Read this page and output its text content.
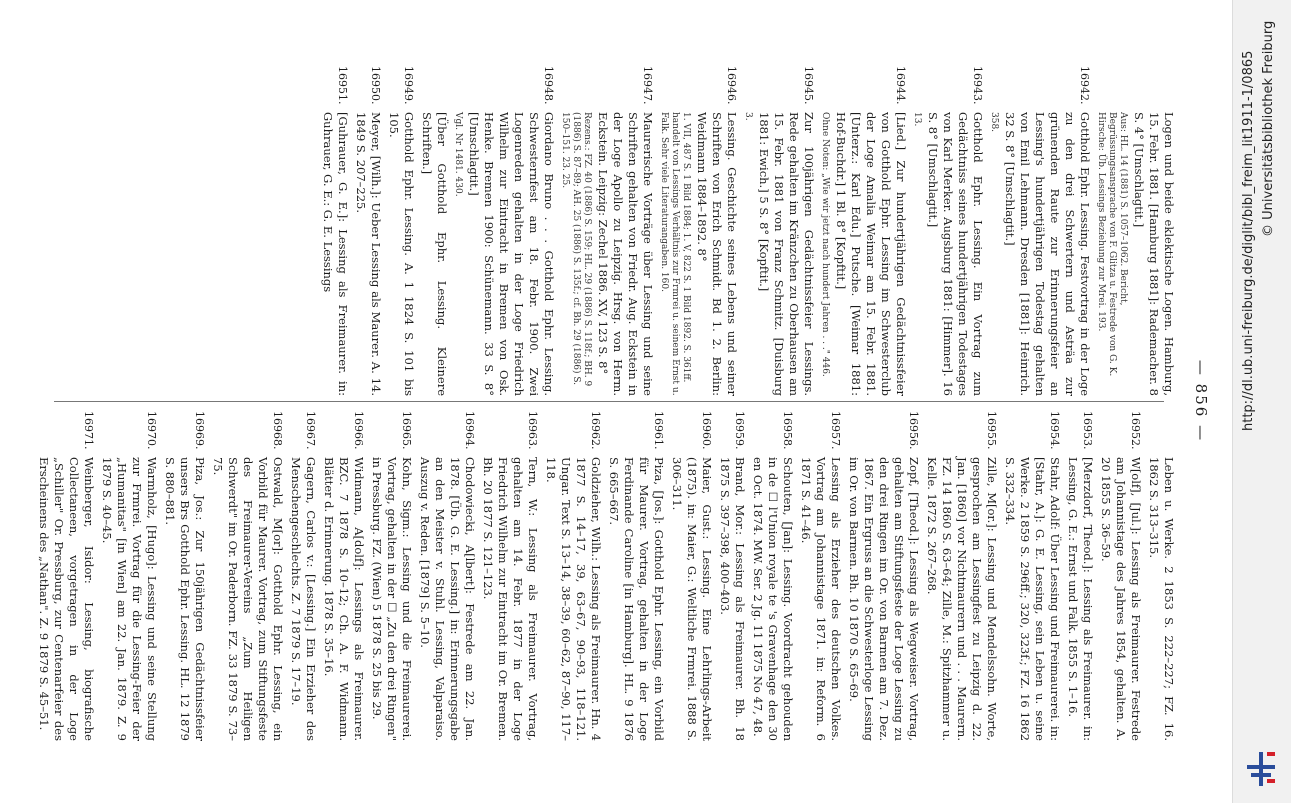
— 856 —
Logen und beide eklektische Logen. Hamburg, 15. Febr. 1881. [Hamburg 1881]: Rademacher. 8 S. 4° [Umschlagtit.]
Aus: HL. 14 (1881) S. 1057–1062. Bericht, Begrüssungsansprache von F. Glitza u. Festrede von G. K. Hirsche: Üb. Lessings Beziehung zur Mrei. 193.
16942.
Gotthold Ephr. Lessing. Festvortrag in der Loge zu den drei Schwertern und Asträa zur grünenden Raute zur Erinnerungsfeier an Lessing's hundertjährigen Todestag gehalten von Emil Lehmann. Dresden [1881]: Heinrich. 32 S. 8° [Umschlagtit.]
358.
16943.
Gotthold Ephr. Lessing. Ein Vortrag zum Gedächtniss seines hundertjährigen Todestages von Karl Merker. Augsburg 1881: [Himmer]. 16 S. 8° [Umschlagtit.]
13.
16944.
[Lied.] Zur hundertjährigen Gedächtnissfeier von Gotthold Ephr. Lessing im Schwesterclub der Loge Amalia Weimar am 15. Febr. 1881. [Unterz.: Karl Edu.] Putsche. [Weimar 1881: Hof-Buchdr.] 1 Bl. 8° [Kopftit.]
Ohne Noten: „Wie wir jetzt nach hundert Jahren . . ." 446.
16945.
Zur 100jährigen Gedächtnissfeier Lessings. Rede gehalten im Kränzchen zu Oberhausen am 15. Febr. 1881 von Franz Schmitz. [Duisburg 1881: Ewich.] 5 S. 8° [Kopftit.]
3.
16946.
Lessing. Geschichte seines Lebens und seiner Schriften von Erich Schmidt. Bd 1. 2. Berlin: Weidmann 1884–1892. 8°
1. VII, 487 S. 1 Bild 1884; 1. V, 822 S. 1 Bild 1892. S. 361ff. handelt von Lessings Verhältnis zur Frmrei u. seinem Ernst u. Falk. Sehr viele Literaturangaben. 160.
16947.
Maurerische Vorträge über Lessing und seine Schriften gehalten von Friedr. Aug. Eckstein in der Loge Apollo zu Leipzig. Hrsg. von Herm. Eckstein. Leipzig: Zechel 1886. XV, 123 S. 8°
Rezens.: FZ. 40 (1886) S. 159; HL. 29 (1886) S. 118f.; BH. 9 (1886) S. 87–89; AH. 25 (1886) S. 135f.; cf. Bh. 29 (1886) S. 150–151. 23. 25.
16948.
Giordano Bruno . . . Gotthold Ephr. Lessing. Schwesternfest am 18. Febr. 1900. Zwei Logenreden gehalten in der Loge Friedrich Wilhelm zur Eintracht in Bremen von Osk. Henke. Bremen 1900: Schünemann. 33 S. 8° [Umschlagtit.]
Vgl. Nr 1481. 430.
[Über Gotthold Ephr. Lessing. Kleinere Schriften.]
16949.
Gotthold Ephr. Lessing. A. 1 1824 S. 101 bis 105.
16950.
Meyer, [Wilh.]: Ueber Lessing als Maurer. A. 14. 1849 S. 207–225.
16951.
[Guhrauer, G. E.]: Lessing als Freimaurer. in: Guhrauer, G. E.: G. E. Lessings
Leben u. Werke. 2 1853 S. 222–227; FZ. 16. 1862 S. 313–315.
16952.
W[olf], [Jul.]: Lessing als Freimaurer. Festrede am Johannistage des Jahres 1854, gehalten. A. 20 1855 S. 36–59.
16953.
[Merzdorf, Theod.]: Lessing als Freimaurer. in: Lessing, G. E.: Ernst und Falk. 1855 S. 1–16.
16954.
Stahr, Adolf: Über Lessing und Freimaurerei. in: [Stahr, A.]: G. E. Lessing, sein Leben u. seine Werke. 2 1859 S. 296ff.; 320, 323f.; FZ. 16 1862 S. 332–334.
16955.
Zille, M[or.]: Lessing und Mendelssohn. Worte, gesprochen am Lessingfest zu Leipzig d. 22. Jan. [1860] vor Nichtmaurern und . . . Maurern. FZ. 14 1860 S. 63–64; Zille, M.: Spitzhammer u. Kelle. 1872 S. 267–268.
16956.
Zopf, [Theod.]: Lessing als Wegweiser. Vortrag, gehalten am Stiftungsfeste der Loge Lessing zu den drei Ringen im Or. von Barmen am 7. Dez. 1867. Ein Ergruss an die Schwesterloge Lessing im Or. von Barmen. Bh. 10 1870 S. 65–69.
16957.
Lessing als Erzieher des deutschen Volkes. Vortrag am Johannistage 1871. in: Reform. 6 1871 S. 41–46.
16958.
Schouten, [Jan]: Lessing. Voordracht gehouden in de ☐ l'Union royale te 's Gravenhage den 30 en Oct. 1874. MW. Ser. 2 Jg. 11 1875 No 47, 48.
16959.
Brand, Mor.: Lessing als Freimaurer. Bh. 18 1875 S. 397–398, 400–403.
16960.
Maier, Gust.: Lessing. Eine Lehrlings-Arbeit (1875). in: Maier, G.: Weltliche Frmrei. 1888 S. 306–311.
16961.
Piza, [Jos.]: Gotthold Ephr. Lessing, ein Vorbild für Maurer. Vortrag, gehalten in der Loge Ferdinande Caroline [in Hamburg]. HL. 9 1876 S. 665–667.
16962.
Goldzieher, Wilh.: Lessing als Freimaurer. Hn. 4 1877 S. 14–17, 39, 63–67, 90–93, 118–121. Ungar. Text S. 13–14, 38–39, 60–62, 87–90, 117–118.
16963.
Tern, W.: Lessing als Freimaurer. Vortrag, gehalten am 14. Febr. 1877 in der Loge Friedrich Wilhelm zur Eintracht im Or. Bremen. Bh. 20 1877 S. 121–123.
16964.
Chodowiecki, A[lbert]: Festrede am 22. Jan. 1878. [Üb. G. E. Lessing.] in: Erinnerungsgabe an den Meister v. Stuhl. Lessing, Valparaiso. Auszug v. Reden. [1879] S. 5–10.
16965.
Kohn, Sigm.: Lessing und die Freimaurerei. Vortrag, gehalten in der ☐ „Zu den drei Ringen" in Pressburg. FZ. (Wien) 5 1878 S. 25 bis 29.
16966.
Widmann, A[dolf]: Lessings als Freimaurer. BZC. 7 1878 S. 10–12; Ch. A. F. Widmann. Blätter d. Erinnerung. 1878 S. 35–16.
16967.
Gagern, Carlos v.: [Lessing.] Ein Erzieher des Menschengeschlechts. Z. 7 1879 S. 17–19.
16968.
Ostwald, M[or]: Gotthold Ephr. Lessing, ein Vorbild für Maurer. Vortrag, zum Stiftungsfeste des Freimaurer-Vereins „Zum Heiligen Schwerdt" im Or. Paderborn. FZ. 33 1879 S. 73–75.
16969.
Piza, Jos.: Zur 150jährigen Gedächtnissfeier unsers Brs Gotthold Ephr. Lessing. HL. 12 1879 S. 880–881.
16970.
Warmholz, [Hugo]: Lessing und seine Stellung zur Frmrei. Vortrag für die Lessing-Feier der „Humanitas" [in Wien] am 22. Jan. 1879. Z. 9 1879 S. 40–45.
16971.
Weinberger, Isidor: Lessing, biografische Collectaneen, vorgetragen in der Loge „Schiller" Or. Pressburg, zur Centenarfeier des Erscheinens des „Nathan". Z. 9 1879 S. 45–51.
http://dl.ub.uni-freiburg.de/diglit/bibl_freim_lit1911-1/0865 © Universitätsbibliothek Freiburg
